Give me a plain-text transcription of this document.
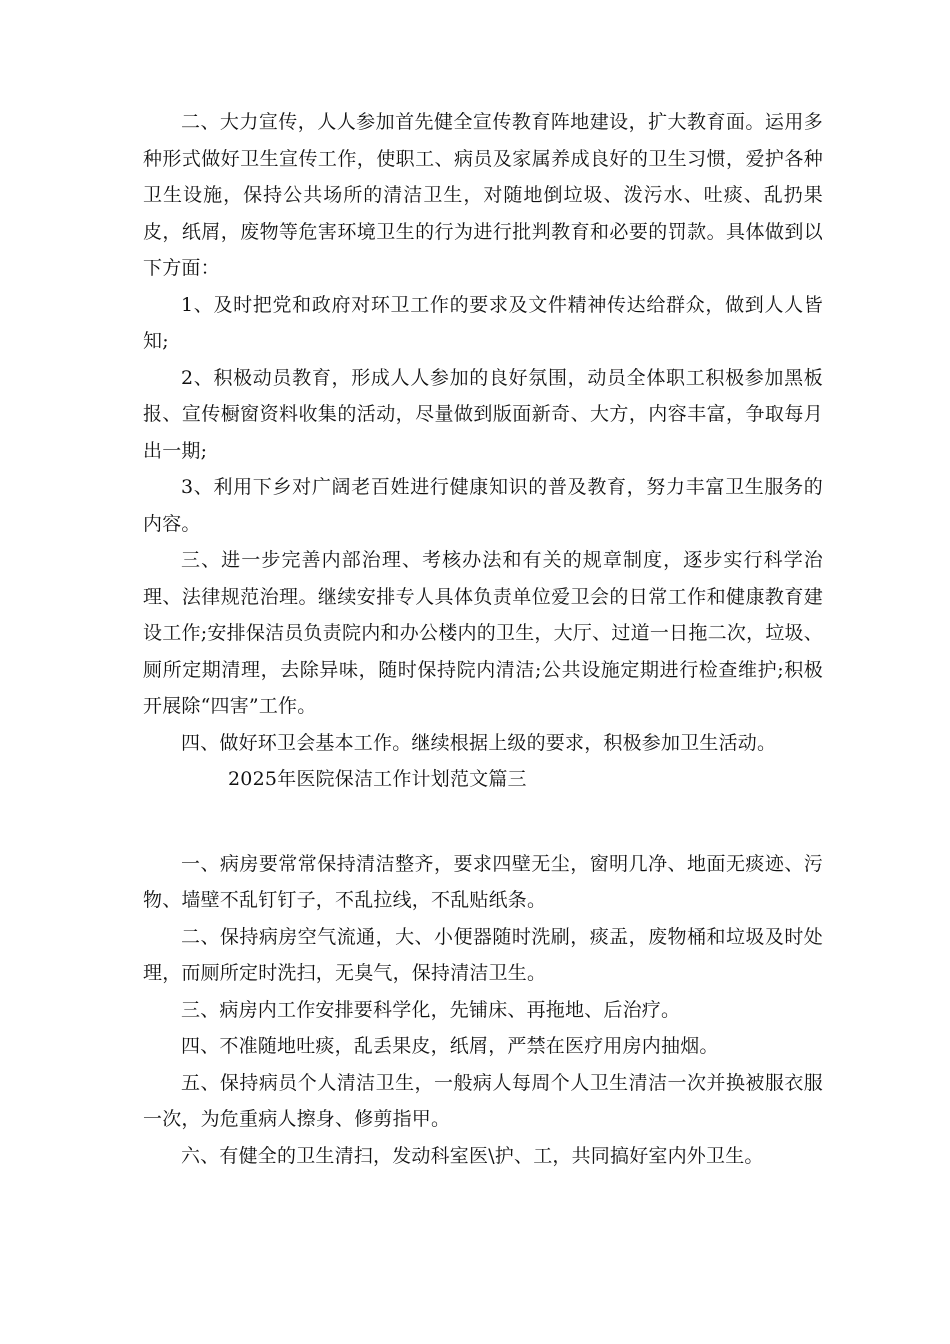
二、大力宣传，人人参加首先健全宣传教育阵地建设，扩大教育面。运用多种形式做好卫生宣传工作，使职工、病员及家属养成良好的卫生习惯，爱护各种卫生设施，保持公共场所的清洁卫生，对随地倒垃圾、泼污水、吐痰、乱扔果皮，纸屑，废物等危害环境卫生的行为进行批判教育和必要的罚款。具体做到以下方面：

1、及时把党和政府对环卫工作的要求及文件精神传达给群众，做到人人皆知;

2、积极动员教育，形成人人参加的良好氛围，动员全体职工积极参加黑板报、宣传橱窗资料收集的活动，尽量做到版面新奇、大方，内容丰富，争取每月出一期;

3、利用下乡对广阔老百姓进行健康知识的普及教育，努力丰富卫生服务的内容。

三、进一步完善内部治理、考核办法和有关的规章制度，逐步实行科学治理、法律规范治理。继续安排专人具体负责单位爱卫会的日常工作和健康教育建设工作;安排保洁员负责院内和办公楼内的卫生，大厅、过道一日拖二次，垃圾、厕所定期清理，去除异味，随时保持院内清洁;公共设施定期进行检查维护;积极开展除“四害”工作。

四、做好环卫会基本工作。继续根据上级的要求，积极参加卫生活动。

2025年医院保洁工作计划范文篇三

一、病房要常常保持清洁整齐，要求四壁无尘，窗明几净、地面无痰迹、污物、墙壁不乱钉钉子，不乱拉线，不乱贴纸条。

二、保持病房空气流通，大、小便器随时洗刷，痰盂，废物桶和垃圾及时处理，而厕所定时洗扫，无臭气，保持清洁卫生。

三、病房内工作安排要科学化，先铺床、再拖地、后治疗。

四、不准随地吐痰，乱丢果皮，纸屑，严禁在医疗用房内抽烟。

五、保持病员个人清洁卫生，一般病人每周个人卫生清洁一次并换被服衣服一次，为危重病人擦身、修剪指甲。

六、有健全的卫生清扫，发动科室医\护、工，共同搞好室内外卫生。
